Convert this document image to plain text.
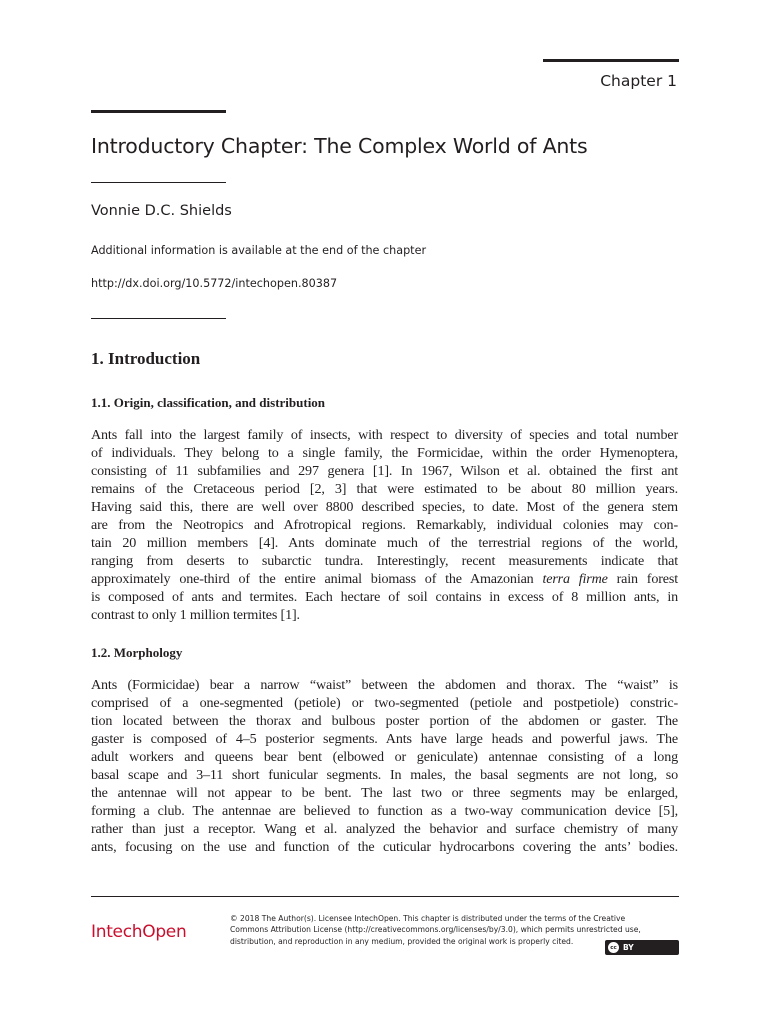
Chapter 1
Introductory Chapter: The Complex World of Ants
Vonnie D.C. Shields
Additional information is available at the end of the chapter
http://dx.doi.org/10.5772/intechopen.80387
1. Introduction
1.1. Origin, classification, and distribution
Ants fall into the largest family of insects, with respect to diversity of species and total number
of individuals. They belong to a single family, the Formicidae, within the order Hymenoptera,
consisting of 11 subfamilies and 297 genera [1]. In 1967, Wilson et al. obtained the first ant
remains of the Cretaceous period [2, 3] that were estimated to be about 80 million years.
Having said this, there are well over 8800 described species, to date. Most of the genera stem
are from the Neotropics and Afrotropical regions. Remarkably, individual colonies may con-
tain 20 million members [4]. Ants dominate much of the terrestrial regions of the world,
ranging from deserts to subarctic tundra. Interestingly, recent measurements indicate that
approximately one-third of the entire animal biomass of the Amazonian terra firme rain forest
is composed of ants and termites. Each hectare of soil contains in excess of 8 million ants, in
contrast to only 1 million termites [1].
1.2. Morphology
Ants (Formicidae) bear a narrow “waist” between the abdomen and thorax. The “waist” is
comprised of a one-segmented (petiole) or two-segmented (petiole and postpetiole) constric-
tion located between the thorax and bulbous poster portion of the abdomen or gaster. The
gaster is composed of 4–5 posterior segments. Ants have large heads and powerful jaws. The
adult workers and queens bear bent (elbowed or geniculate) antennae consisting of a long
basal scape and 3–11 short funicular segments. In males, the basal segments are not long, so
the antennae will not appear to be bent. The last two or three segments may be enlarged,
forming a club. The antennae are believed to function as a two-way communication device [5],
rather than just a receptor. Wang et al. analyzed the behavior and surface chemistry of many
ants, focusing on the use and function of the cuticular hydrocarbons covering the ants’ bodies.
IntechOpen
© 2018 The Author(s). Licensee IntechOpen. This chapter is distributed under the terms of the Creative
Commons Attribution License (http://creativecommons.org/licenses/by/3.0), which permits unrestricted use,
distribution, and reproduction in any medium, provided the original work is properly cited.
cc BY
